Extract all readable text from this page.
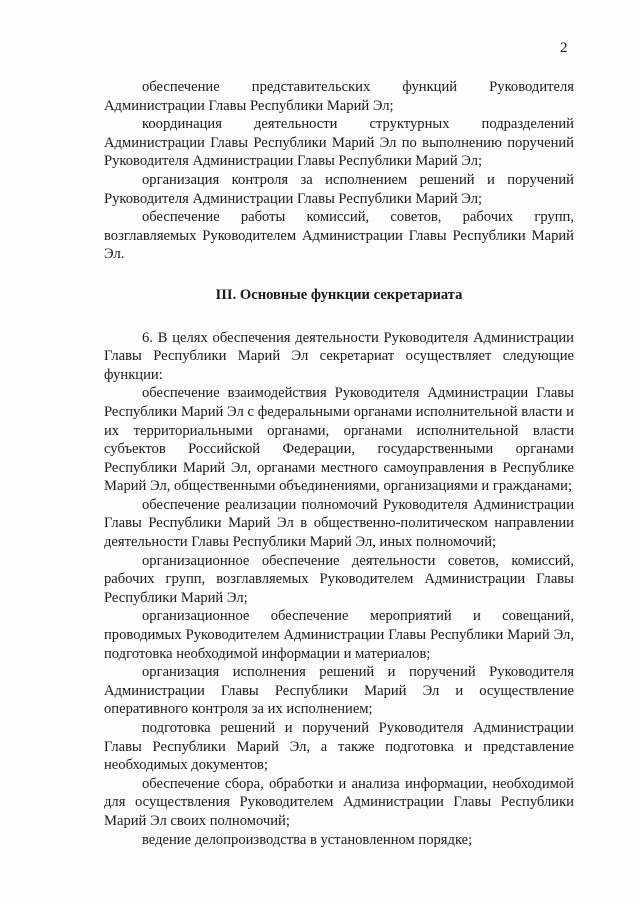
2

обеспечение представительских функций Руководителя Администрации Главы Республики Марий Эл;

координация деятельности структурных подразделений Администрации Главы Республики Марий Эл по выполнению поручений Руководителя Администрации Главы Республики Марий Эл;

организация контроля за исполнением решений и поручений Руководителя Администрации Главы Республики Марий Эл;

обеспечение работы комиссий, советов, рабочих групп, возглавляемых Руководителем Администрации Главы Республики Марий Эл.

III. Основные функции секретариата

6. В целях обеспечения деятельности Руководителя Администрации Главы Республики Марий Эл секретариат осуществляет следующие функции:

обеспечение взаимодействия Руководителя Администрации Главы Республики Марий Эл с федеральными органами исполнительной власти и их территориальными органами, органами исполнительной власти субъектов Российской Федерации, государственными органами Республики Марий Эл, органами местного самоуправления в Республике Марий Эл, общественными объединениями, организациями и гражданами;

обеспечение реализации полномочий Руководителя Администрации Главы Республики Марий Эл в общественно-политическом направлении деятельности Главы Республики Марий Эл, иных полномочий;

организационное обеспечение деятельности советов, комиссий, рабочих групп, возглавляемых Руководителем Администрации Главы Республики Марий Эл;

организационное обеспечение мероприятий и совещаний, проводимых Руководителем Администрации Главы Республики Марий Эл, подготовка необходимой информации и материалов;

организация исполнения решений и поручений Руководителя Администрации Главы Республики Марий Эл и осуществление оперативного контроля за их исполнением;

подготовка решений и поручений Руководителя Администрации Главы Республики Марий Эл, а также подготовка и представление необходимых документов;

обеспечение сбора, обработки и анализа информации, необходимой для осуществления Руководителем Администрации Главы Республики Марий Эл своих полномочий;

ведение делопроизводства в установленном порядке;
